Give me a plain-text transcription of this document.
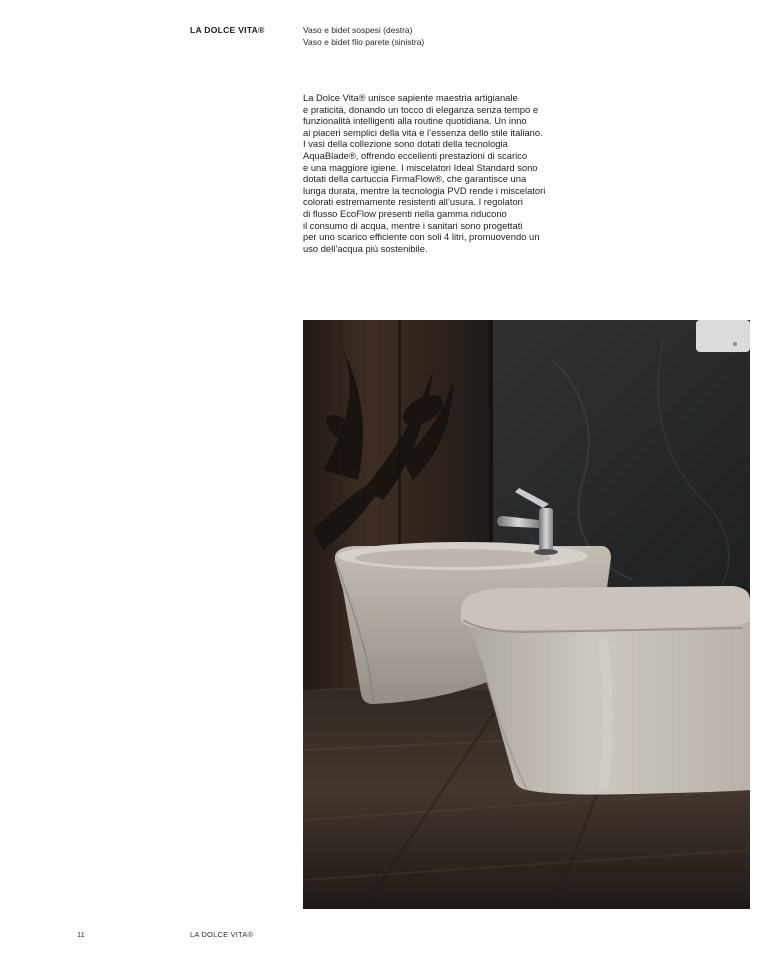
LA DOLCE VITA®	Vaso e bidet sospesi (destra)
Vaso e bidet filo parete (sinistra)
La Dolce Vita® unisce sapiente maestria artigianale
e praticità, donando un tocco di eleganza senza tempo e
funzionalità intelligenti alla routine quotidiana. Un inno
ai piaceri semplici della vita e l’essenza dello stile italiano.
I vasi della collezione sono dotati della tecnologia
AquaBlade®, offrendo eccellenti prestazioni di scarico
e una maggiore igiene. I miscelatori Ideal Standard sono
dotati della cartuccia FirmaFlow®, che garantisce una
lunga durata, mentre la tecnologia PVD rende i miscelatori
colorati estremamente resistenti all’usura. I regolatori
di flusso EcoFlow presenti nella gamma riducono
il consumo di acqua, mentre i sanitari sono progettati
per uno scarico efficiente con soli 4 litri, promuovendo un
uso dell’acqua più sostenibile.
11	LA DOLCE VITA®
